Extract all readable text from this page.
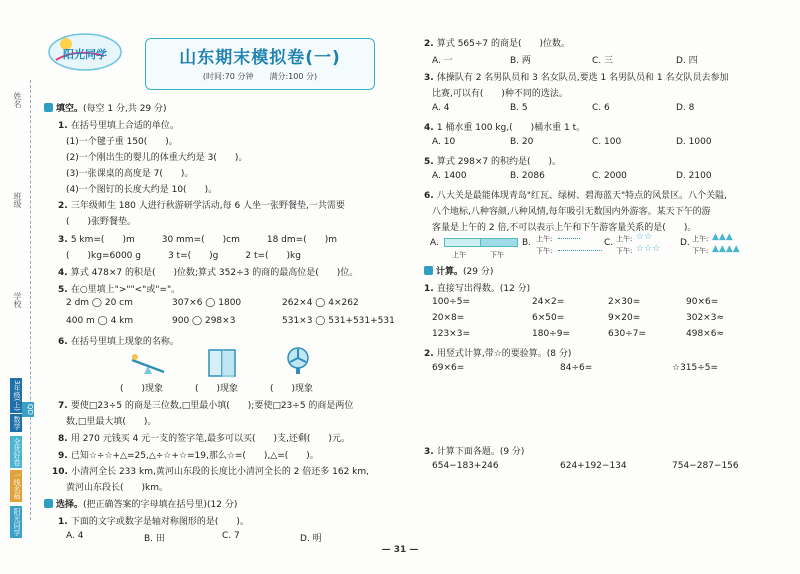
姓名
班级
学校
3年级(上)
数学
QD
全优好卷
一线名师
阳光同学
阳光同学	山东期末模拟卷(一)
(时间:70 分钟　　满分:100 分)
填空。(每空 1 分,共 29 分)
1. 在括号里填上合适的单位。
(1)一个毽子重 150(　　)。
(2)一个刚出生的婴儿的体重大约是 3(　　)。
(3)一张课桌的高度是 7(　　)。
(4)一个图钉的长度大约是 10(　　)。
2. 三年级师生 180 人进行秋游研学活动,每 6 人坐一张野餐垫,一共需要
(　　)张野餐垫。
3. 5 km=(　　)m　　　30 mm=(　　)cm　　　18 dm=(　　)m
(　　)kg=6000 g　　　3 t=(　　)g　　　2 t=(　　)kg
4. 算式 478×7 的积是(　　)位数;算式 352÷3 的商的最高位是(　　)位。
5. 在○里填上">""<"或"="。
2 dm ◯ 20 cm	307×6 ◯ 1800	262×4 ◯ 4×262
400 m ◯ 4 km	900 ◯ 298×3	531×3 ◯ 531+531+531
6. 在括号里填上现象的名称。
(　　)现象	(　　)现象	(　　)现象
7. 要使□23÷5 的商是三位数,□里最小填(　　);要使□23÷5 的商是两位
数,□里最大填(　　)。
8. 用 270 元钱买 4 元一支的签字笔,最多可以买(　　)支,还剩(　　)元。
9. 已知☆÷☆+△=25,△÷☆+☆=19,那么☆=(　　),△=(　　)。
10. 小清河全长 233 km,黄河山东段的长度比小清河全长的 2 倍还多 162 km,
黄河山东段长(　　)km。
选择。(把正确答案的字母填在括号里)(12 分)
1. 下面的文字或数字是轴对称图形的是(　　)。
A. 4	B. 田	C. 7	D. 明
2. 算式 565÷7 的商是(　　)位数。
A. 一	B. 两	C. 三	D. 四
3. 体操队有 2 名男队员和 3 名女队员,要选 1 名男队员和 1 名女队员去参加
比赛,可以有(　　)种不同的选法。
A. 4	B. 5	C. 6	D. 8
4. 1 桶水重 100 kg,(　　)桶水重 1 t。
A. 10	B. 20	C. 100	D. 1000
5. 算式 298×7 的积约是(　　)。
A. 1400	B. 2086	C. 2000	D. 2100
6. 八大关是最能体现青岛"红瓦、绿树、碧海蓝天"特点的风景区。八个关隘,
八个地标,八种容颜,八种风情,每年吸引无数国内外游客。某天下午的游
客量是上午的 2 倍,不可以表示上午和下午游客量关系的是(　　)。
A.
上午	下午
B. 上午:
下午:
C. 上午:
下午:
☆☆
☆☆☆
D. 上午:
下午:
▲▲▲
▲▲▲▲
计算。(29 分)
1. 直接写出得数。(12 分)
100÷5=	24×2=	2×30=	90×6=
20×8=	6×50=	9×20=	302×3≈
123×3=	180÷9=	630÷7=	498×6≈
2. 用竖式计算,带☆的要验算。(8 分)
69×6=	84÷6=	☆315÷5=
3. 计算下面各题。(9 分)
654−183+246	624+192−134	754−287−156
— 31 —
